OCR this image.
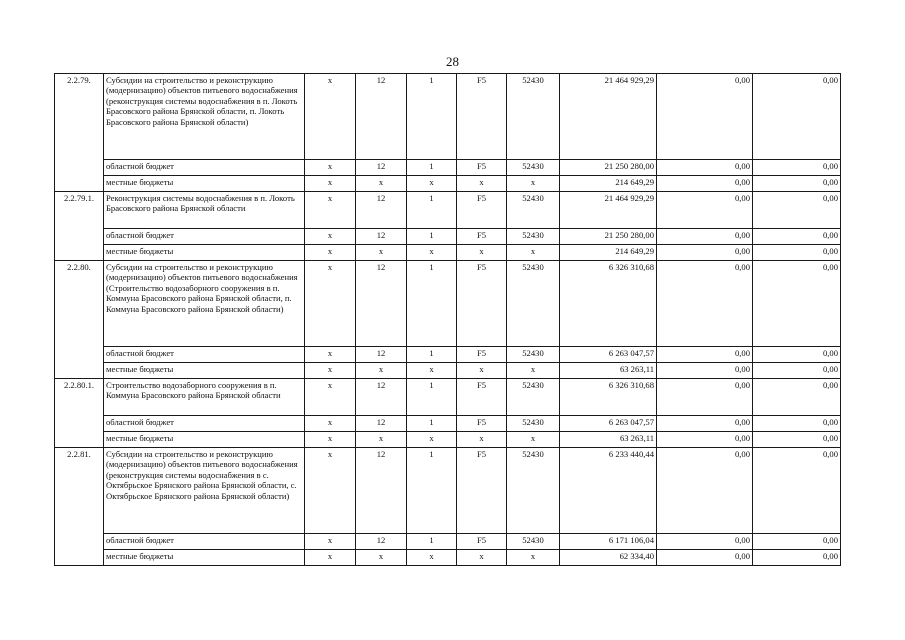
28
2.2.79.	Субсидии на строительство и реконструкцию (модернизацию) объектов питьевого водоснабжения (реконструкция системы водоснабжения в п. Локоть Брасовского района Брянской области, п. Локоть Брасовского района Брянской области)	x	12	1	F5	52430	21 464 929,29	0,00	0,00
	областной бюджет	x	12	1	F5	52430	21 250 280,00	0,00	0,00
	местные бюджеты	x	x	x	x	x	214 649,29	0,00	0,00
2.2.79.1.	Реконструкция системы водоснабжения в п. Локоть Брасовского района Брянской области	x	12	1	F5	52430	21 464 929,29	0,00	0,00
	областной бюджет	x	12	1	F5	52430	21 250 280,00	0,00	0,00
	местные бюджеты	x	x	x	x	x	214 649,29	0,00	0,00
2.2.80.	Субсидии на строительство и реконструкцию (модернизацию) объектов питьевого водоснабжения (Строительство водозаборного сооружения в п. Коммуна Брасовского района Брянской области, п. Коммуна Брасовского района Брянской области)	x	12	1	F5	52430	6 326 310,68	0,00	0,00
	областной бюджет	x	12	1	F5	52430	6 263 047,57	0,00	0,00
	местные бюджеты	x	x	x	x	x	63 263,11	0,00	0,00
2.2.80.1.	Строительство водозаборного сооружения в п. Коммуна Брасовского района Брянской области	x	12	1	F5	52430	6 326 310,68	0,00	0,00
	областной бюджет	x	12	1	F5	52430	6 263 047,57	0,00	0,00
	местные бюджеты	x	x	x	x	x	63 263,11	0,00	0,00
2.2.81.	Субсидии на строительство и реконструкцию (модернизацию) объектов питьевого водоснабжения (реконструкция системы водоснабжения в с. Октябрьское Брянского района Брянской области, с. Октябрьское Брянского района Брянской области)	x	12	1	F5	52430	6 233 440,44	0,00	0,00
	областной бюджет	x	12	1	F5	52430	6 171 106,04	0,00	0,00
	местные бюджеты	x	x	x	x	x	62 334,40	0,00	0,00
